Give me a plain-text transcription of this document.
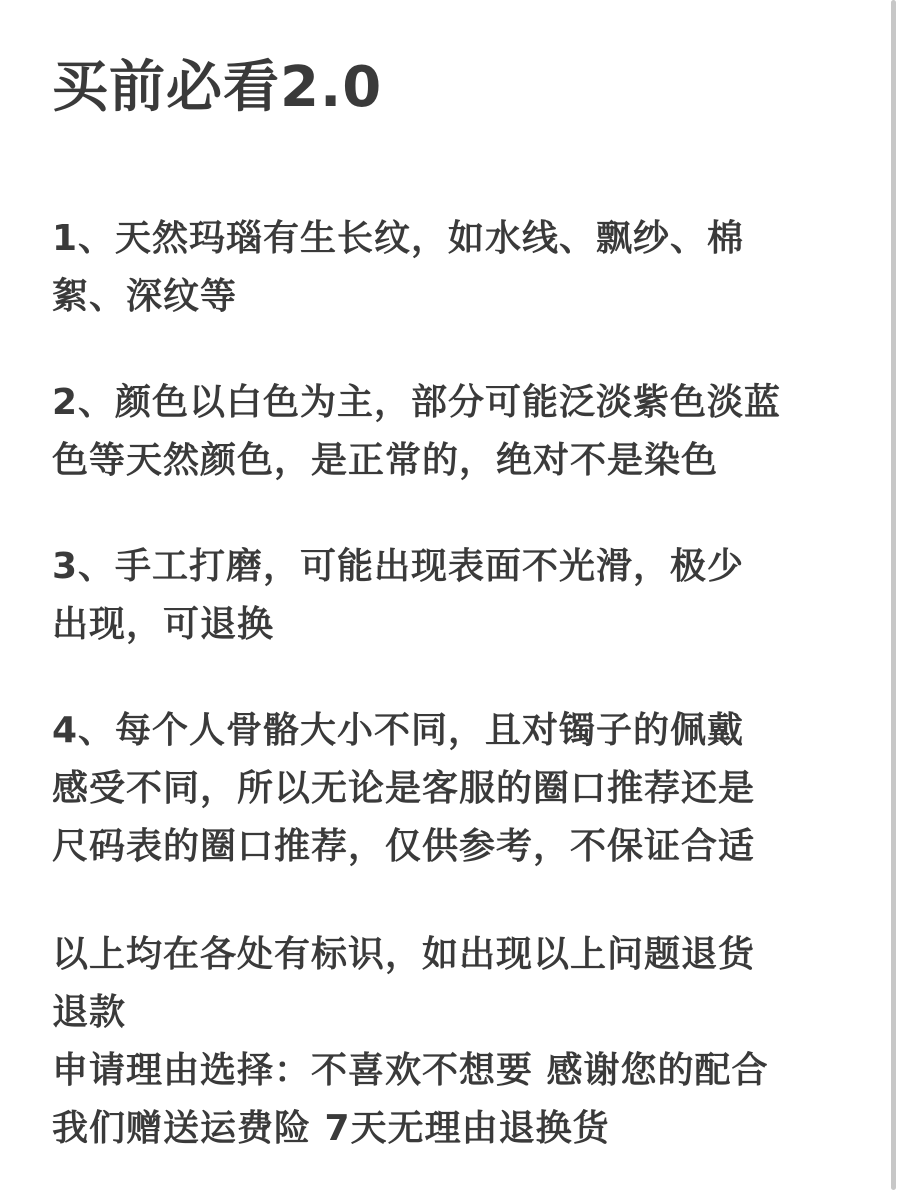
买前必看2.0
1、天然玛瑙有生长纹，如水线、飘纱、棉
絮、深纹等
2、颜色以白色为主，部分可能泛淡紫色淡蓝
色等天然颜色，是正常的，绝对不是染色
3、手工打磨，可能出现表面不光滑，极少
出现，可退换
4、每个人骨骼大小不同，且对镯子的佩戴
感受不同，所以无论是客服的圈口推荐还是
尺码表的圈口推荐，仅供参考，不保证合适
以上均在各处有标识，如出现以上问题退货
退款
申请理由选择：不喜欢不想要 感谢您的配合
我们赠送运费险 7天无理由退换货
